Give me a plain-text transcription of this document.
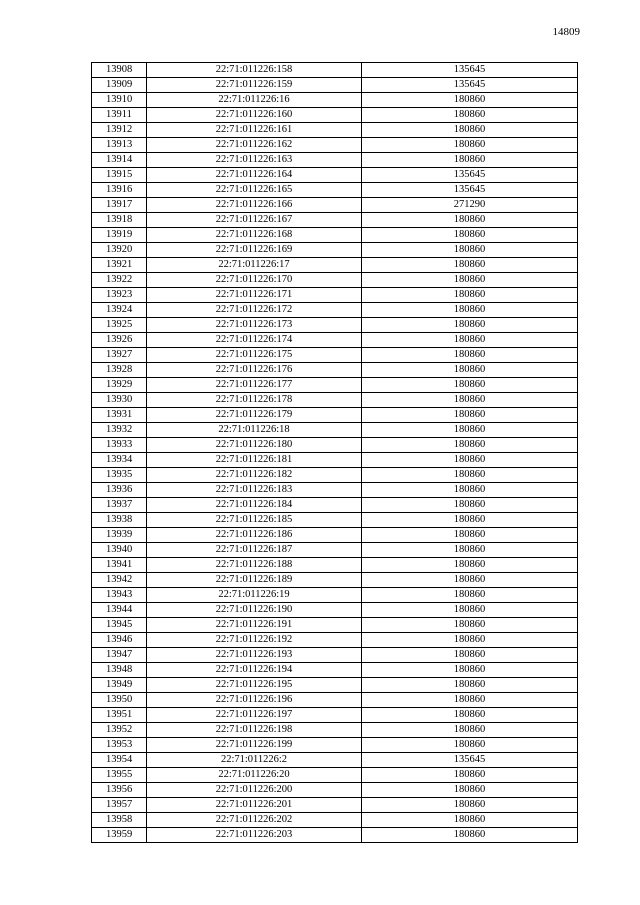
14809
13908	22:71:011226:158	135645
13909	22:71:011226:159	135645
13910	22:71:011226:16	180860
13911	22:71:011226:160	180860
13912	22:71:011226:161	180860
13913	22:71:011226:162	180860
13914	22:71:011226:163	180860
13915	22:71:011226:164	135645
13916	22:71:011226:165	135645
13917	22:71:011226:166	271290
13918	22:71:011226:167	180860
13919	22:71:011226:168	180860
13920	22:71:011226:169	180860
13921	22:71:011226:17	180860
13922	22:71:011226:170	180860
13923	22:71:011226:171	180860
13924	22:71:011226:172	180860
13925	22:71:011226:173	180860
13926	22:71:011226:174	180860
13927	22:71:011226:175	180860
13928	22:71:011226:176	180860
13929	22:71:011226:177	180860
13930	22:71:011226:178	180860
13931	22:71:011226:179	180860
13932	22:71:011226:18	180860
13933	22:71:011226:180	180860
13934	22:71:011226:181	180860
13935	22:71:011226:182	180860
13936	22:71:011226:183	180860
13937	22:71:011226:184	180860
13938	22:71:011226:185	180860
13939	22:71:011226:186	180860
13940	22:71:011226:187	180860
13941	22:71:011226:188	180860
13942	22:71:011226:189	180860
13943	22:71:011226:19	180860
13944	22:71:011226:190	180860
13945	22:71:011226:191	180860
13946	22:71:011226:192	180860
13947	22:71:011226:193	180860
13948	22:71:011226:194	180860
13949	22:71:011226:195	180860
13950	22:71:011226:196	180860
13951	22:71:011226:197	180860
13952	22:71:011226:198	180860
13953	22:71:011226:199	180860
13954	22:71:011226:2	135645
13955	22:71:011226:20	180860
13956	22:71:011226:200	180860
13957	22:71:011226:201	180860
13958	22:71:011226:202	180860
13959	22:71:011226:203	180860
